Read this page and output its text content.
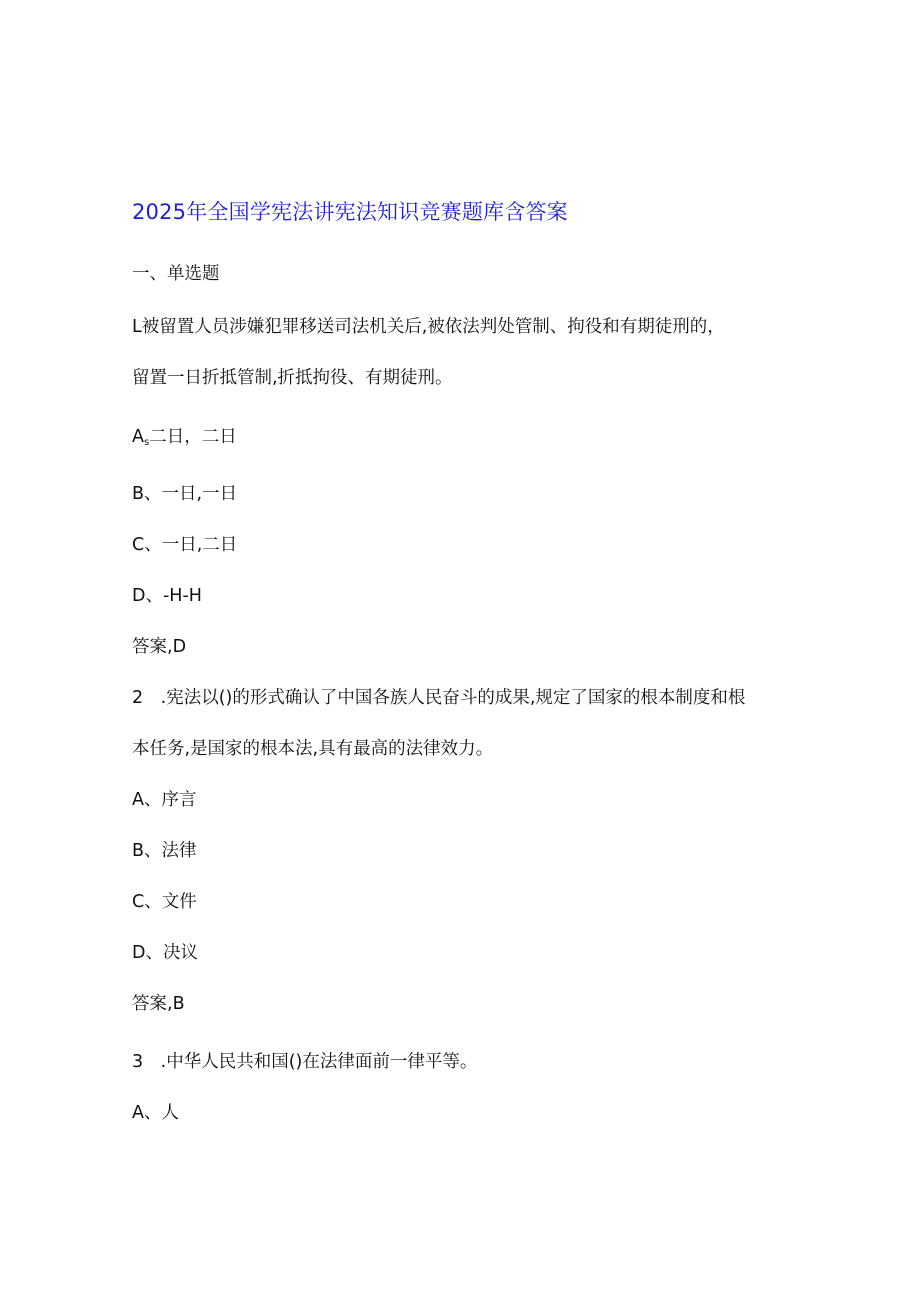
2025年全国学宪法讲宪法知识竞赛题库含答案
一、单选题
L被留置人员涉嫌犯罪移送司法机关后,被依法判处管制、拘役和有期徒刑的，
留置一日折抵管制,折抵拘役、有期徒刑。
$A_s$二日，二日
B、一日,一日
C、一日,二日
D、-H-H
答案,D
2　.宪法以()的形式确认了中国各族人民奋斗的成果,规定了国家的根本制度和根
本任务,是国家的根本法,具有最高的法律效力。
A、序言
B、法律
C、文件
D、决议
答案,B
3　.中华人民共和国()在法律面前一律平等。
A、人
